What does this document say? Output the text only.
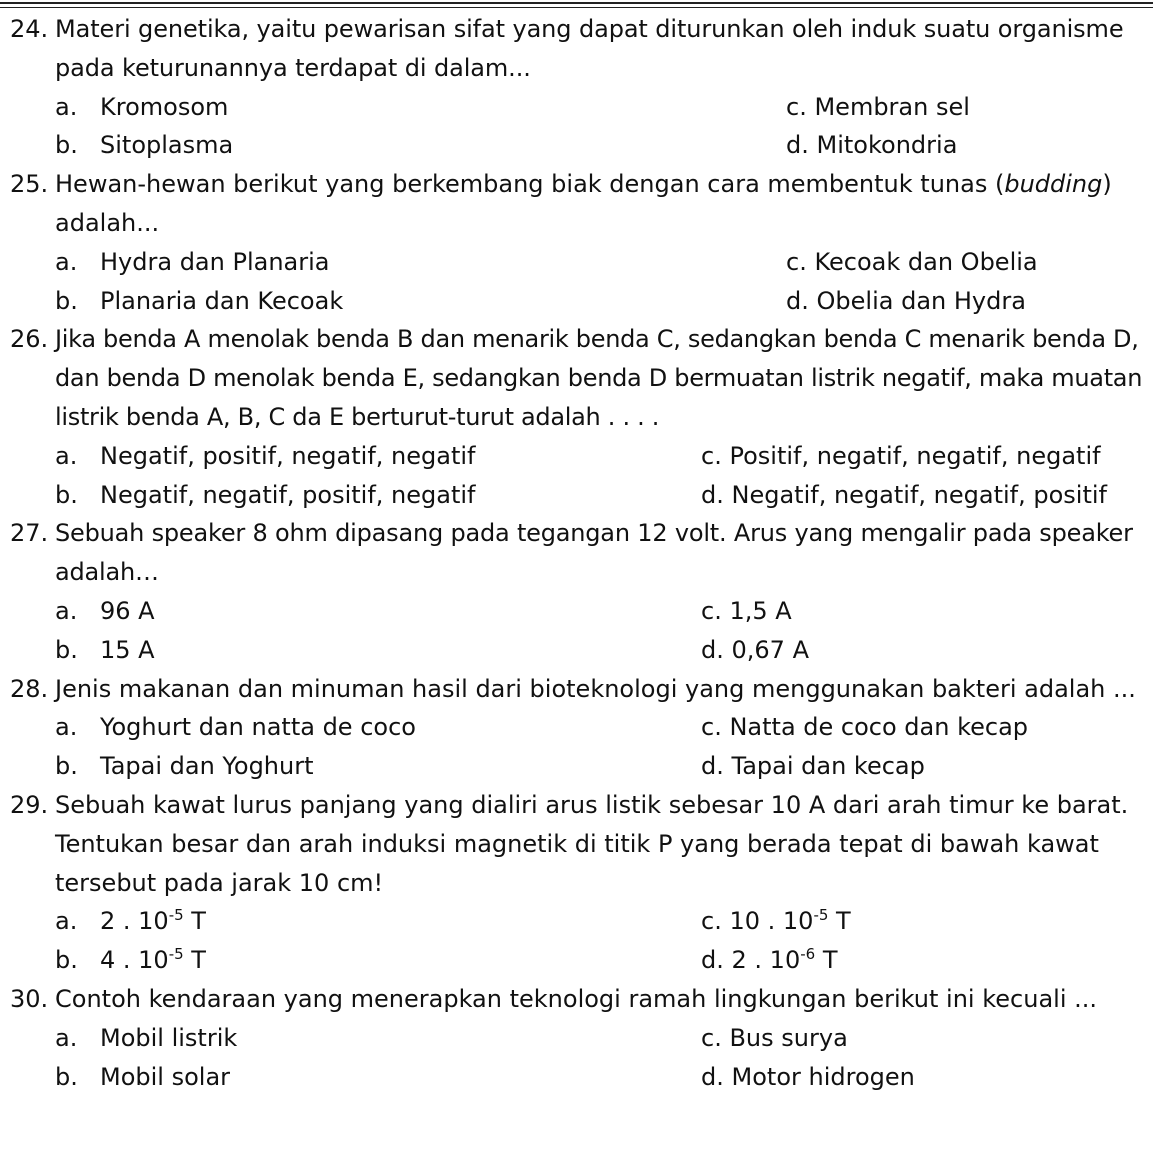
24. Materi genetika, yaitu pewarisan sifat yang dapat diturunkan oleh induk suatu organisme pada keturunannya terdapat di dalam...
a. Kromosom	c. Membran sel
b. Sitoplasma	d. Mitokondria
25. Hewan-hewan berikut yang berkembang biak dengan cara membentuk tunas (budding) adalah...
a. Hydra dan Planaria	c. Kecoak dan Obelia
b. Planaria dan Kecoak	d. Obelia dan Hydra
26. Jika benda A menolak benda B dan menarik benda C, sedangkan benda C menarik benda D, dan benda D menolak benda E, sedangkan benda D bermuatan listrik negatif, maka muatan listrik benda A, B, C da E berturut-turut adalah . . . .
a. Negatif, positif, negatif, negatif	c. Positif, negatif, negatif, negatif
b. Negatif, negatif, positif, negatif	d. Negatif, negatif, negatif, positif
27. Sebuah speaker 8 ohm dipasang pada tegangan 12 volt. Arus yang mengalir pada speaker adalah…
a. 96 A	c. 1,5 A
b. 15 A	d. 0,67 A
28. Jenis makanan dan minuman hasil dari bioteknologi yang menggunakan bakteri adalah ...
a. Yoghurt dan natta de coco	c. Natta de coco dan kecap
b. Tapai dan Yoghurt	d. Tapai dan kecap
29. Sebuah kawat lurus panjang yang dialiri arus listik sebesar 10 A dari arah timur ke barat. Tentukan besar dan arah induksi magnetik di titik P yang berada tepat di bawah kawat tersebut pada jarak 10 cm!
a. 2 . $10^{-5}$ T	c. 10 . $10^{-5}$ T
b. 4 . $10^{-5}$ T	d. 2 . $10^{-6}$ T
30. Contoh kendaraan yang menerapkan teknologi ramah lingkungan berikut ini kecuali ...
a. Mobil listrik	c. Bus surya
b. Mobil solar	d. Motor hidrogen
